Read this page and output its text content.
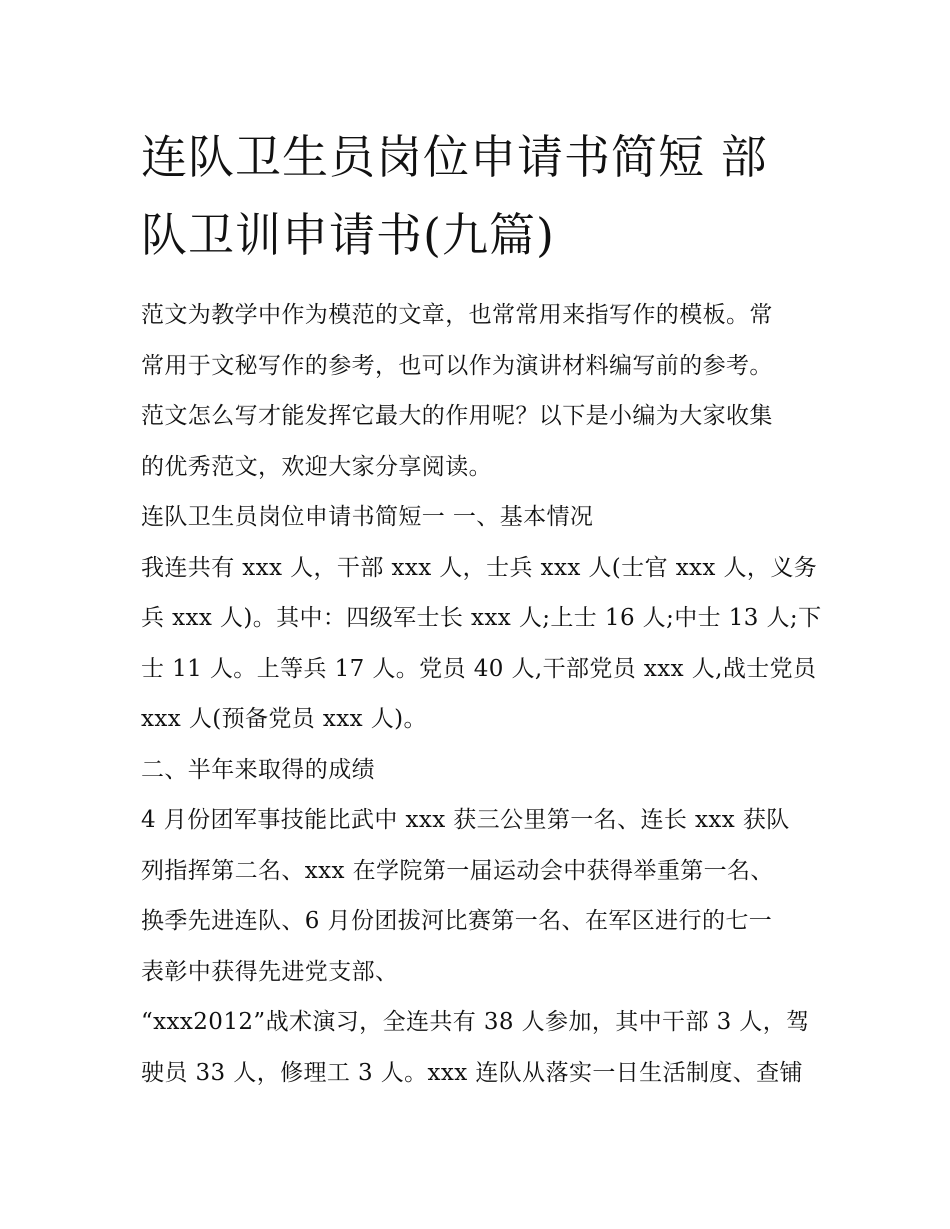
连队卫生员岗位申请书简短 部
队卫训申请书(九篇)

范文为教学中作为模范的文章，也常常用来指写作的模板。常
常用于文秘写作的参考，也可以作为演讲材料编写前的参考。
范文怎么写才能发挥它最大的作用呢？以下是小编为大家收集
的优秀范文，欢迎大家分享阅读。

连队卫生员岗位申请书简短一 一、基本情况

我连共有 xxx 人，干部 xxx 人，士兵 xxx 人(士官 xxx 人，义务
兵 xxx 人)。其中：四级军士长 xxx 人;上士 16 人;中士 13 人;下
士 11 人。上等兵 17 人。党员 40 人,干部党员 xxx 人,战士党员
xxx 人(预备党员 xxx 人)。

二、半年来取得的成绩

4 月份团军事技能比武中 xxx 获三公里第一名、连长 xxx 获队
列指挥第二名、xxx 在学院第一届运动会中获得举重第一名、
换季先进连队、6 月份团拔河比赛第一名、在军区进行的七一
表彰中获得先进党支部、

“xxx2012”战术演习，全连共有 38 人参加，其中干部 3 人，驾
驶员 33 人，修理工 3 人。xxx 连队从落实一日生活制度、查铺
